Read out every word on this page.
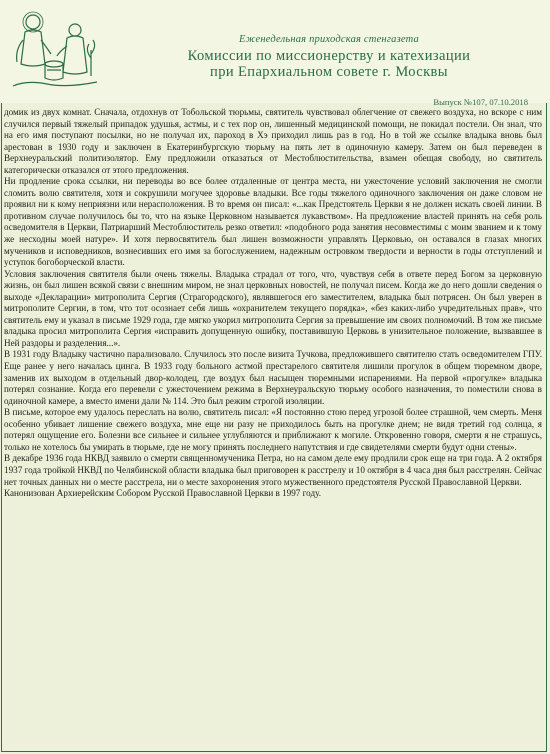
Еженедельная приходская стенгазета
Комиссии по миссионерству и катехизации
при Епархиальном совете г. Москвы
Выпуск №107, 07.10.2018

домик из двух комнат. Сначала, отдохнув от Тобольской тюрьмы, святитель чувствовал облегчение от свежего воздуха, но вскоре с ним случился первый тяжелый припадок удушья, астмы, и с тех пор он, лишенный медицинской помощи, не покидал постели. Он знал, что на его имя поступают посылки, но не получал их, пароход в Хэ приходил лишь раз в год. Но в той же ссылке владыка вновь был арестован в 1930 году и заключен в Екатеринбургскую тюрьму на пять лет в одиночную камеру. Затем он был переведен в Верхнеуральский политизолятор. Ему предложили отказаться от Местоблюстительства, взамен обещая свободу, но святитель категорически отказался от этого предложения.

Ни продление срока ссылки, ни переводы во все более отдаленные от центра места, ни ужесточение условий заключения не смогли сломить волю святителя, хотя и сокрушили могучее здоровье владыки. Все годы тяжелого одиночного заключения он даже словом не проявил ни к кому неприязни или нерасположения. В то время он писал: «...как Предстоятель Церкви я не должен искать своей линии. В противном случае получилось бы то, что на языке Церковном называется лукавством». На предложение властей принять на себя роль осведомителя в Церкви, Патриарший Местоблюститель резко ответил: «подобного рода занятия несовместимы с моим званием и к тому же несходны моей натуре». И хотя первосвятитель был лишен возможности управлять Церковью, он оставался в глазах многих мучеников и исповедников, вознесивших его имя за богослужением, надежным островком твердости и верности в годы отступлений и уступок богоборческой власти.

Условия заключения святителя были очень тяжелы. Владыка страдал от того, что, чувствуя себя в ответе перед Богом за церковную жизнь, он был лишен всякой связи с внешним миром, не знал церковных новостей, не получал писем. Когда же до него дошли сведения о выходе «Декларации» митрополита Сергия (Страгородского), являвшегося его заместителем, владыка был потрясен. Он был уверен в митрополите Сергии, в том, что тот осознает себя лишь «охранителем текущего порядка», «без каких-либо учредительных прав», что святитель ему и указал в письме 1929 года, где мягко укорил митрополита Сергия за превышение им своих полномочий. В том же письме владыка просил митрополита Сергия «исправить допущенную ошибку, поставившую Церковь в унизительное положение, вызвавшее в Ней раздоры и разделения...».

В 1931 году Владыку частично парализовало. Случилось это после визита Тучкова, предложившего святителю стать осведомителем ГПУ. Еще ранее у него началась цинга. В 1933 году больного астмой престарелого святителя лишили прогулок в общем тюремном дворе, заменив их выходом в отдельный двор-колодец, где воздух был насыщен тюремными испарениями. На первой «прогулке» владыка потерял сознание. Когда его перевели с ужесточением режима в Верхнеуральскую тюрьму особого назначения, то поместили снова в одиночной камере, а вместо имени дали № 114. Это был режим строгой изоляции.

В письме, которое ему удалось переслать на волю, святитель писал: «Я постоянно стою перед угрозой более страшной, чем смерть. Меня особенно убивает лишение свежего воздуха, мне еще ни разу не приходилось быть на прогулке днем; не видя третий год солнца, я потерял ощущение его. Болезни все сильнее и сильнее углубляются и приближают к могиле. Откровенно говоря, смерти я не страшусь, только не хотелось бы умирать в тюрьме, где не могу принять последнего напутствия и где свидетелями смерти будут одни стены».

В декабре 1936 года НКВД заявило о смерти священномученика Петра, но на самом деле ему продлили срок еще на три года. А 2 октября 1937 года тройкой НКВД по Челябинской области владыка был приговорен к расстрелу и 10 октября в 4 часа дня был расстрелян. Сейчас нет точных данных ни о месте расстрела, ни о месте захоронения этого мужественного предстоятеля Русской Православной Церкви.

Канонизован Архиерейским Собором Русской Православной Церкви в 1997 году.
